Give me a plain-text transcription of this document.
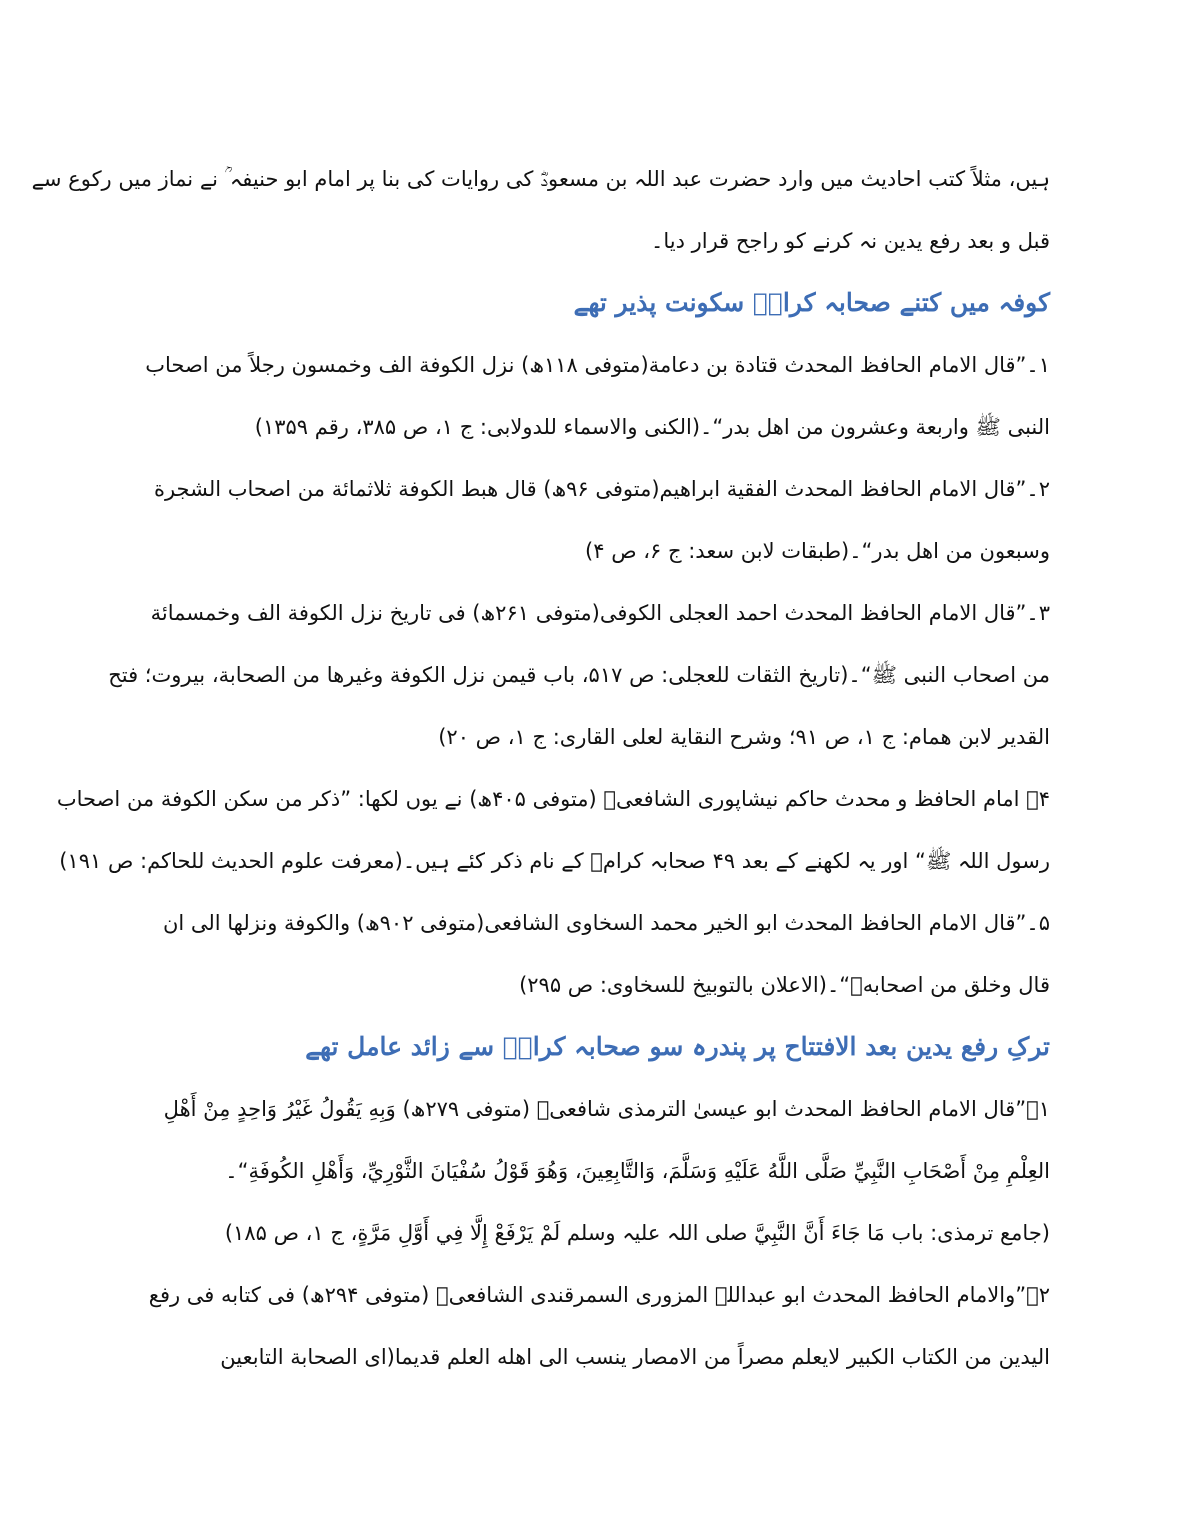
ہیں، مثلاً کتب احادیث میں وارد حضرت عبد اللہ بن مسعودؓ کی روایات کی بنا پر امام ابو حنیفہ ؒ نے نماز میں رکوع سے
قبل و بعد رفع یدین نہ کرنے کو راجح قرار دیا۔

کوفہ میں کتنے صحابہ کرامؓ سکونت پذیر تھے

۱۔”قال الامام الحافظ المحدث قتادة بن دعامة(متوفی ۱۱۸ھ) نزل الکوفة الف وخمسون رجلاً من اصحاب
النبی ﷺ واربعة وعشرون من اهل بدر“۔(الکنی والاسماء للدولابی: ج ۱، ص ۳۸۵، رقم ۱۳۵۹)

۲۔”قال الامام الحافظ المحدث الفقیة ابراهیم(متوفی ۹۶ھ) قال هبط الکوفة ثلاثمائة من اصحاب الشجرة
وسبعون من اهل بدر“۔(طبقات لابن سعد: ج ۶، ص ۴)

۳۔”قال الامام الحافظ المحدث احمد العجلی الکوفی(متوفی ۲۶۱ھ) فی تاریخ نزل الکوفة الف وخمسمائة
من اصحاب النبی ﷺ“۔(تاریخ الثقات للعجلی: ص ۵۱۷، باب قیمن نزل الکوفة وغیرها من الصحابة، بیروت؛ فتح
القدیر لابن همام: ج ۱، ص ۹۱؛ وشرح النقایة لعلی القاری: ج ۱، ص ۲۰)

۴۔ امام الحافظ و محدث حاکم نیشاپوری الشافعیؒ (متوفی ۴۰۵ھ) نے یوں لکھا: ”ذکر من سکن الکوفة من اصحاب
رسول اللہ ﷺ“ اور یہ لکھنے کے بعد ۴۹ صحابہ کرامؓ کے نام ذکر کئے ہیں۔(معرفت علوم الحدیث للحاکم: ص ۱۹۱)

۵۔”قال الامام الحافظ المحدث ابو الخیر محمد السخاوی الشافعی(متوفی ۹۰۲ھ) والکوفة ونزلها الی ان
قال وخلق من اصحابهؓ“۔(الاعلان بالتوبیخ للسخاوی: ص ۲۹۵)

ترکِ رفع یدین بعد الافتتاح پر پندرہ سو صحابہ کرامؓ سے زائد عامل تھے

۱۔”قال الامام الحافظ المحدث ابو عیسیٰ الترمذی شافعیؒ (متوفی ۲۷۹ھ) وَبِهِ يَقُولُ غَيْرُ وَاحِدٍ مِنْ أَهْلِ
العِلْمِ مِنْ أَصْحَابِ النَّبِيِّ صَلَّى اللَّهُ عَلَيْهِ وَسَلَّمَ، وَالتَّابِعِينَ، وَهُوَ قَوْلُ سُفْيَانَ الثَّوْرِيِّ، وَأَهْلِ الكُوفَةِ“۔
(جامع ترمذی: باب مَا جَاءَ أَنَّ النَّبِيَّ صلی اللہ علیہ وسلم لَمْ يَرْفَعْ إِلَّا فِي أَوَّلِ مَرَّةٍ، ج ۱، ص ۱۸۵)

۲۔”والامام الحافظ المحدث ابو عبداللہ المزوری السمرقندی الشافعیؒ (متوفی ۲۹۴ھ) فی کتابه فی رفع
الیدین من الکتاب الکبیر لایعلم مصراً من الامصار ینسب الی اهله العلم قدیما(ای الصحابة التابعین
